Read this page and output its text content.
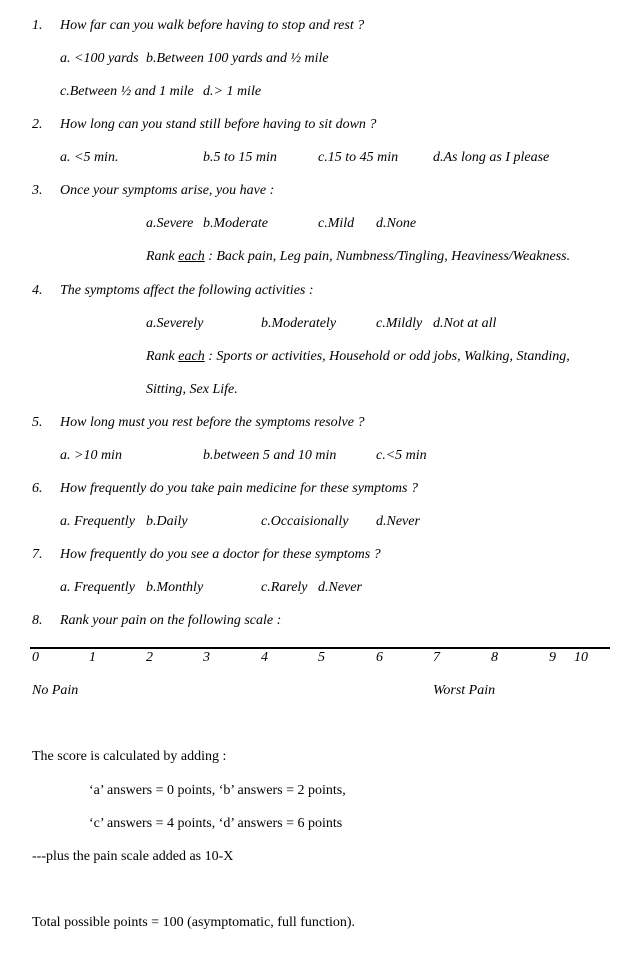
1. How far can you walk before having to stop and rest ?
a. <100 yards b.Between 100 yards and ½ mile
c.Between ½ and 1 mile d.> 1 mile
2. How long can you stand still before having to sit down ?
a. <5 min.	b.5 to 15 min	c.15 to 45 min d.As long as I please
3. Once your symptoms arise, you have :
a.Severe b.Moderate	c.Mild d.None
Rank each : Back pain, Leg pain, Numbness/Tingling, Heaviness/Weakness.
4. The symptoms affect the following activities :
a.Severely	b.Moderately	c.Mildly d.Not at all
Rank each : Sports or activities, Household or odd jobs, Walking, Standing,
Sitting, Sex Life.
5. How long must you rest before the symptoms resolve ?
a. >10 min	b.between 5 and 10 min	c.<5 min
6. How frequently do you take pain medicine for these symptoms ?
a. Frequently b.Daily	c.Occaisionally d.Never
7. How frequently do you see a doctor for these symptoms ?
a. Frequently b.Monthly	c.Rarely d.Never
8. Rank your pain on the following scale :
0	1	2	3	4	5	6	7	8	9 10
No Pain	Worst Pain
The score is calculated by adding :
‘a’ answers = 0 points, ‘b’ answers = 2 points,
‘c’ answers = 4 points, ‘d’ answers = 6 points
---plus the pain scale added as 10-X
Total possible points = 100 (asymptomatic, full function).
